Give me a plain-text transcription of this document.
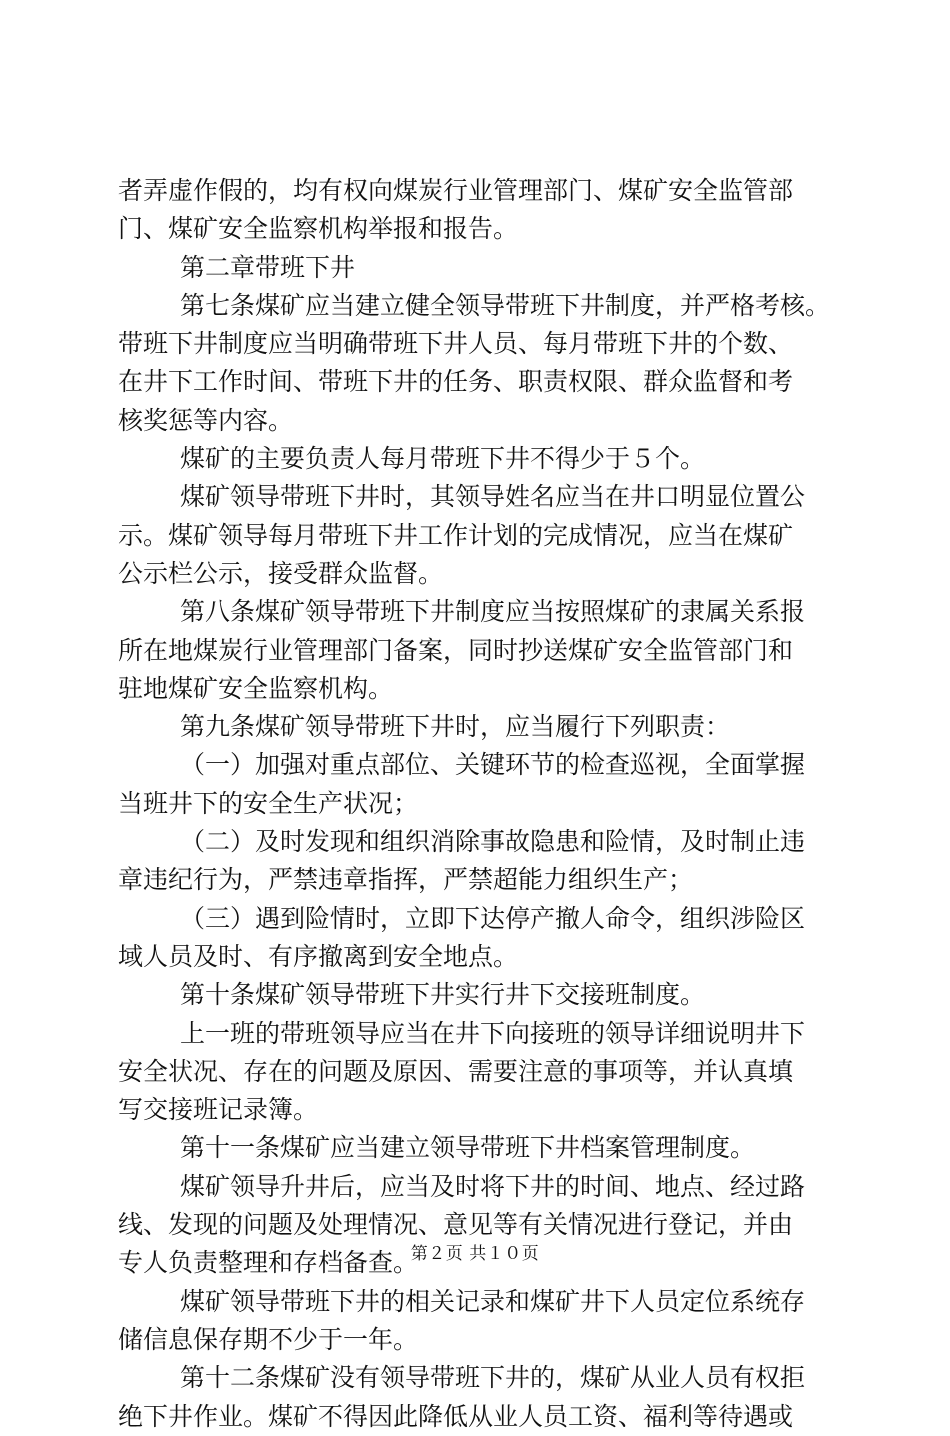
者弄虚作假的，均有权向煤炭行业管理部门、煤矿安全监管部
门、煤矿安全监察机构举报和报告。
第二章带班下井
第七条煤矿应当建立健全领导带班下井制度，并严格考核。
带班下井制度应当明确带班下井人员、每月带班下井的个数、
在井下工作时间、带班下井的任务、职责权限、群众监督和考
核奖惩等内容。
煤矿的主要负责人每月带班下井不得少于５个。
煤矿领导带班下井时，其领导姓名应当在井口明显位置公
示。煤矿领导每月带班下井工作计划的完成情况，应当在煤矿
公示栏公示，接受群众监督。
第八条煤矿领导带班下井制度应当按照煤矿的隶属关系报
所在地煤炭行业管理部门备案，同时抄送煤矿安全监管部门和
驻地煤矿安全监察机构。
第九条煤矿领导带班下井时，应当履行下列职责：
（一）加强对重点部位、关键环节的检查巡视，全面掌握
当班井下的安全生产状况；
（二）及时发现和组织消除事故隐患和险情，及时制止违
章违纪行为，严禁违章指挥，严禁超能力组织生产；
（三）遇到险情时，立即下达停产撤人命令，组织涉险区
域人员及时、有序撤离到安全地点。
第十条煤矿领导带班下井实行井下交接班制度。
上一班的带班领导应当在井下向接班的领导详细说明井下
安全状况、存在的问题及原因、需要注意的事项等，并认真填
写交接班记录簿。
第十一条煤矿应当建立领导带班下井档案管理制度。
煤矿领导升井后，应当及时将下井的时间、地点、经过路
线、发现的问题及处理情况、意见等有关情况进行登记，并由
专人负责整理和存档备查。
煤矿领导带班下井的相关记录和煤矿井下人员定位系统存
储信息保存期不少于一年。
第十二条煤矿没有领导带班下井的，煤矿从业人员有权拒
绝下井作业。煤矿不得因此降低从业人员工资、福利等待遇或
第２页 共１０页
